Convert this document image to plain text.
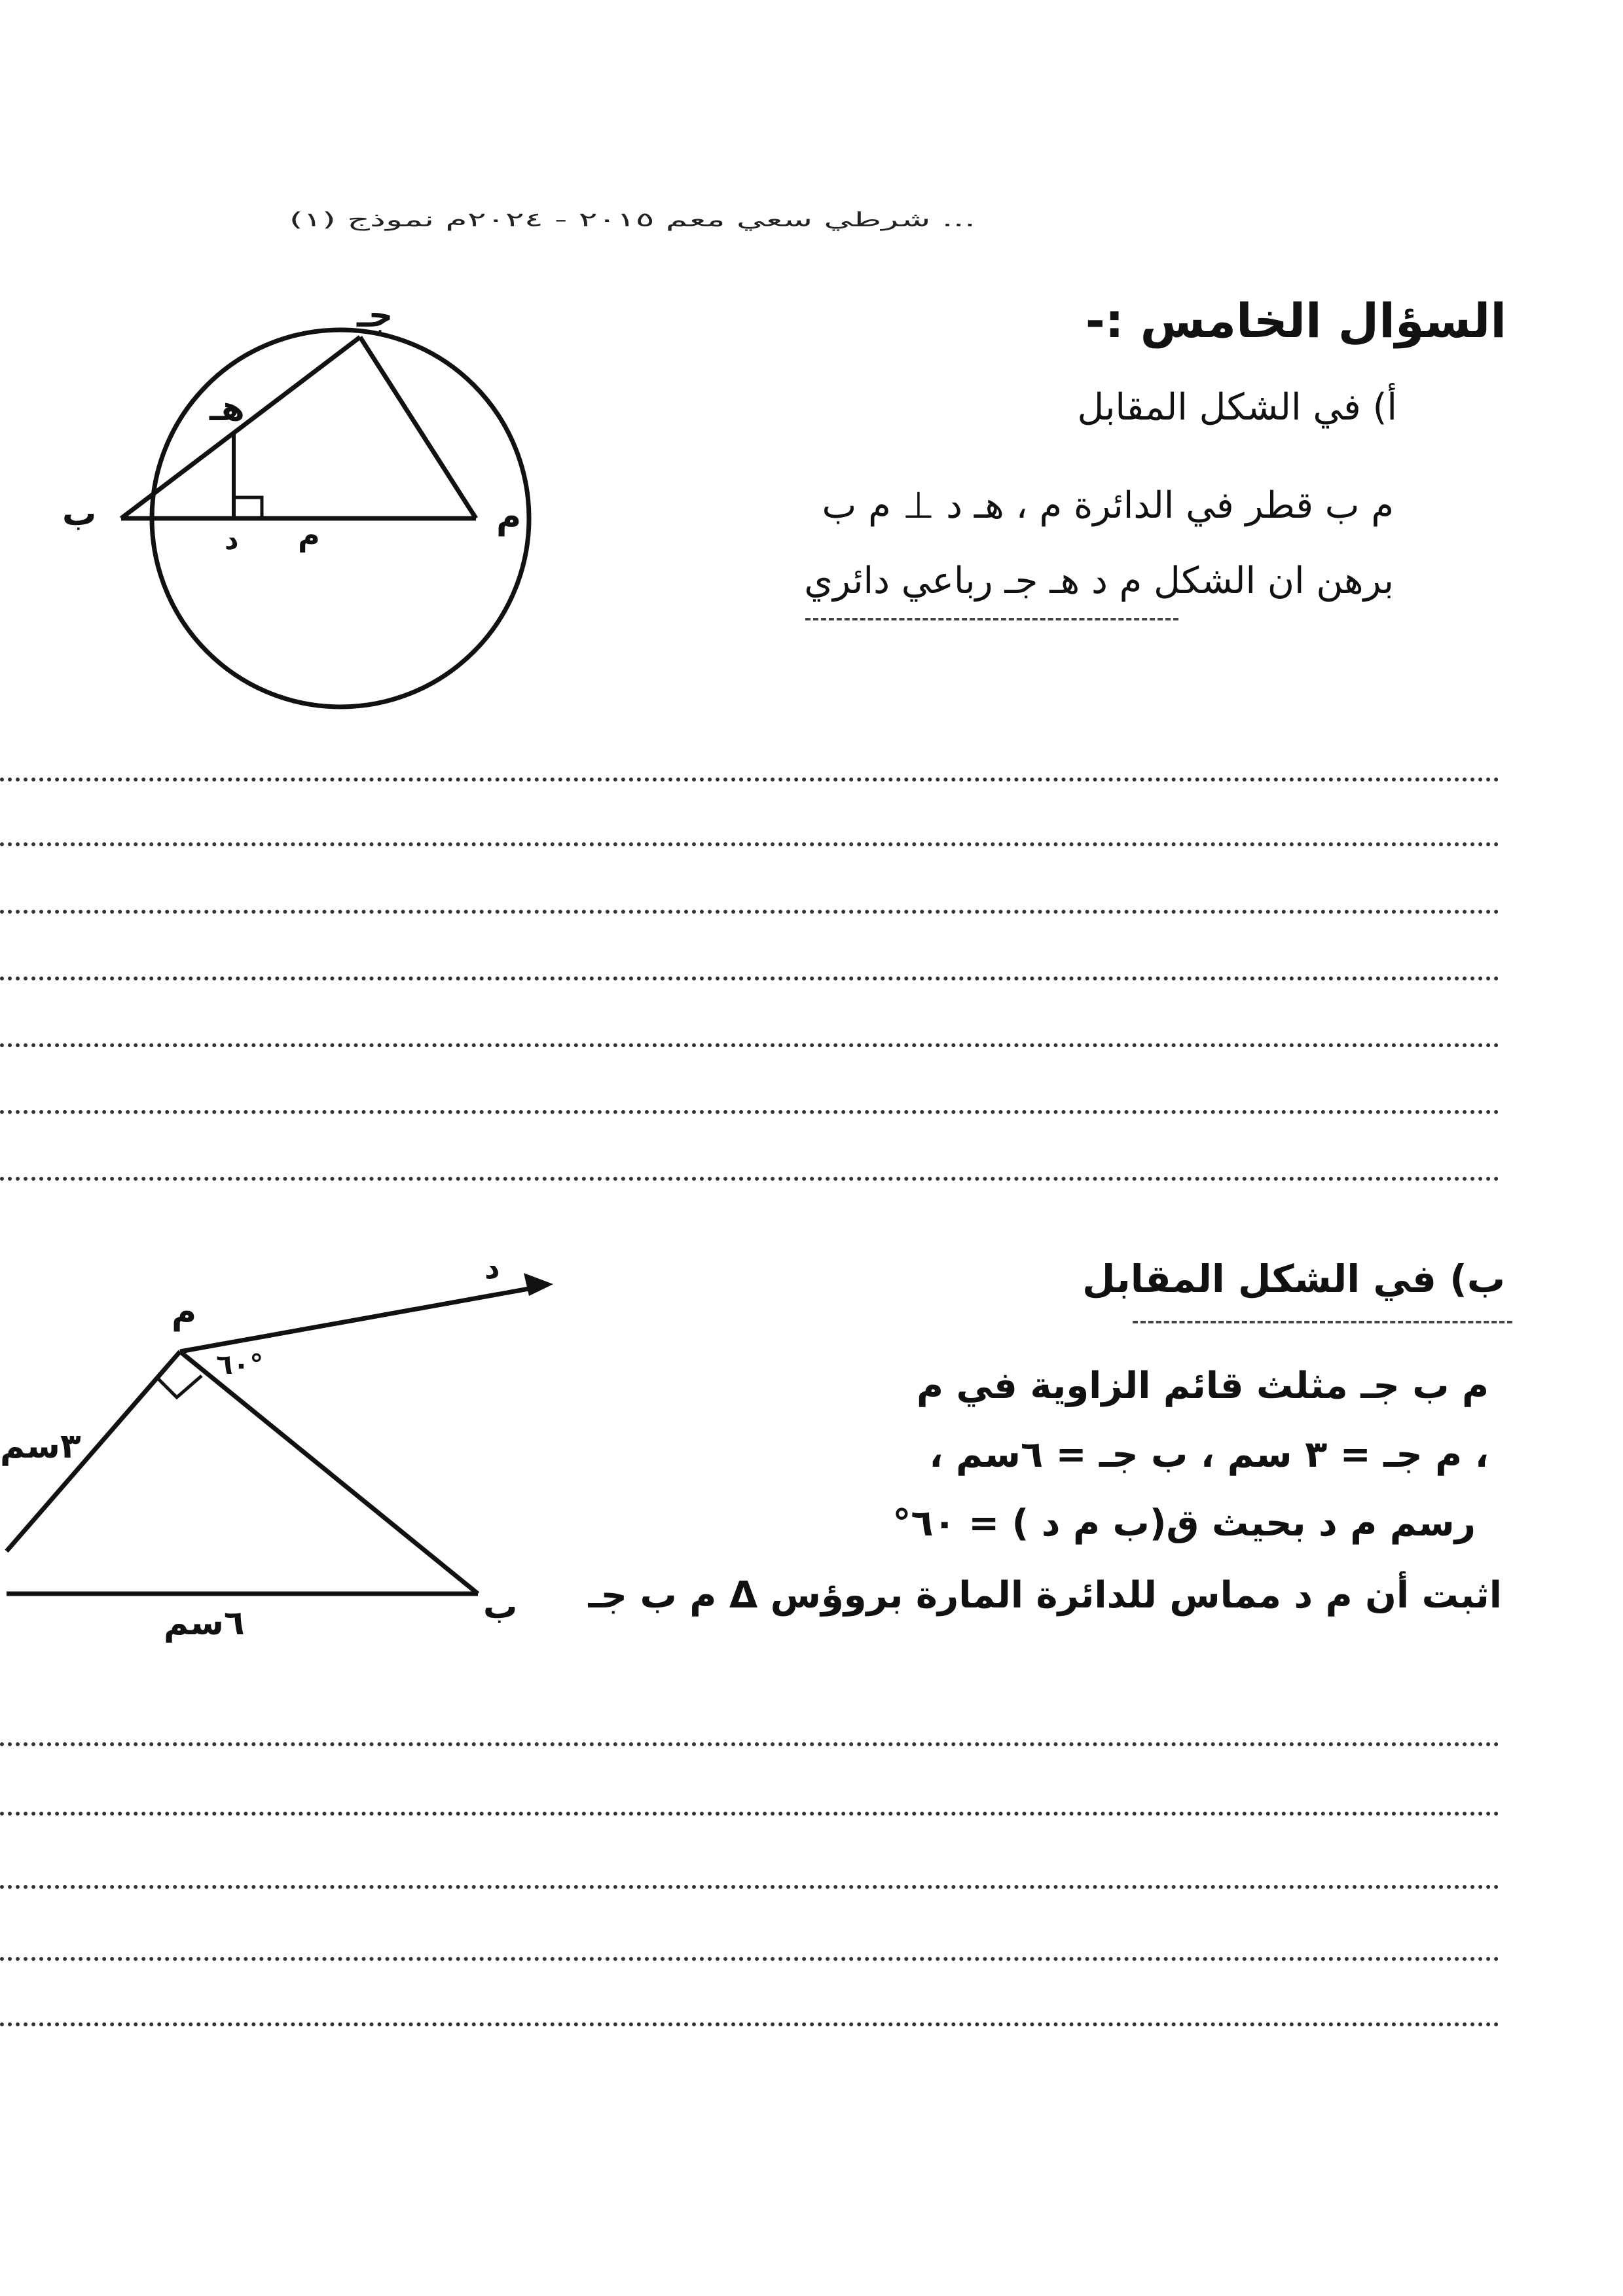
... شرطي سعي معم ٢٠١٥ - ٢٠٢٤م نموذج (١)
السؤال الخامس :-
أ) في الشكل المقابل
ﻡ ب قطر في الدائرة م ، هـ د ⊥ ﻡ ب
برهن ان الشكل ﻡ د هـ جـ رباعي دائري
جـ
هـ
ب
د م	ﻡ
ب) في الشكل المقابل
ﻡ ب جـ مثلث قائم الزاوية في ﻡ
، ﻡ جـ = ٣ سم ، ب جـ = ٦سم ،
رسم ﻡ د بحيث ق(ب ﻡ د ) = ٦٠°
اثبت أن ﻡ د مماس للدائرة المارة بروؤس Δ ﻡ ب جـ
ﻡ
د
٦٠°
٣سم
٦سم	ب
